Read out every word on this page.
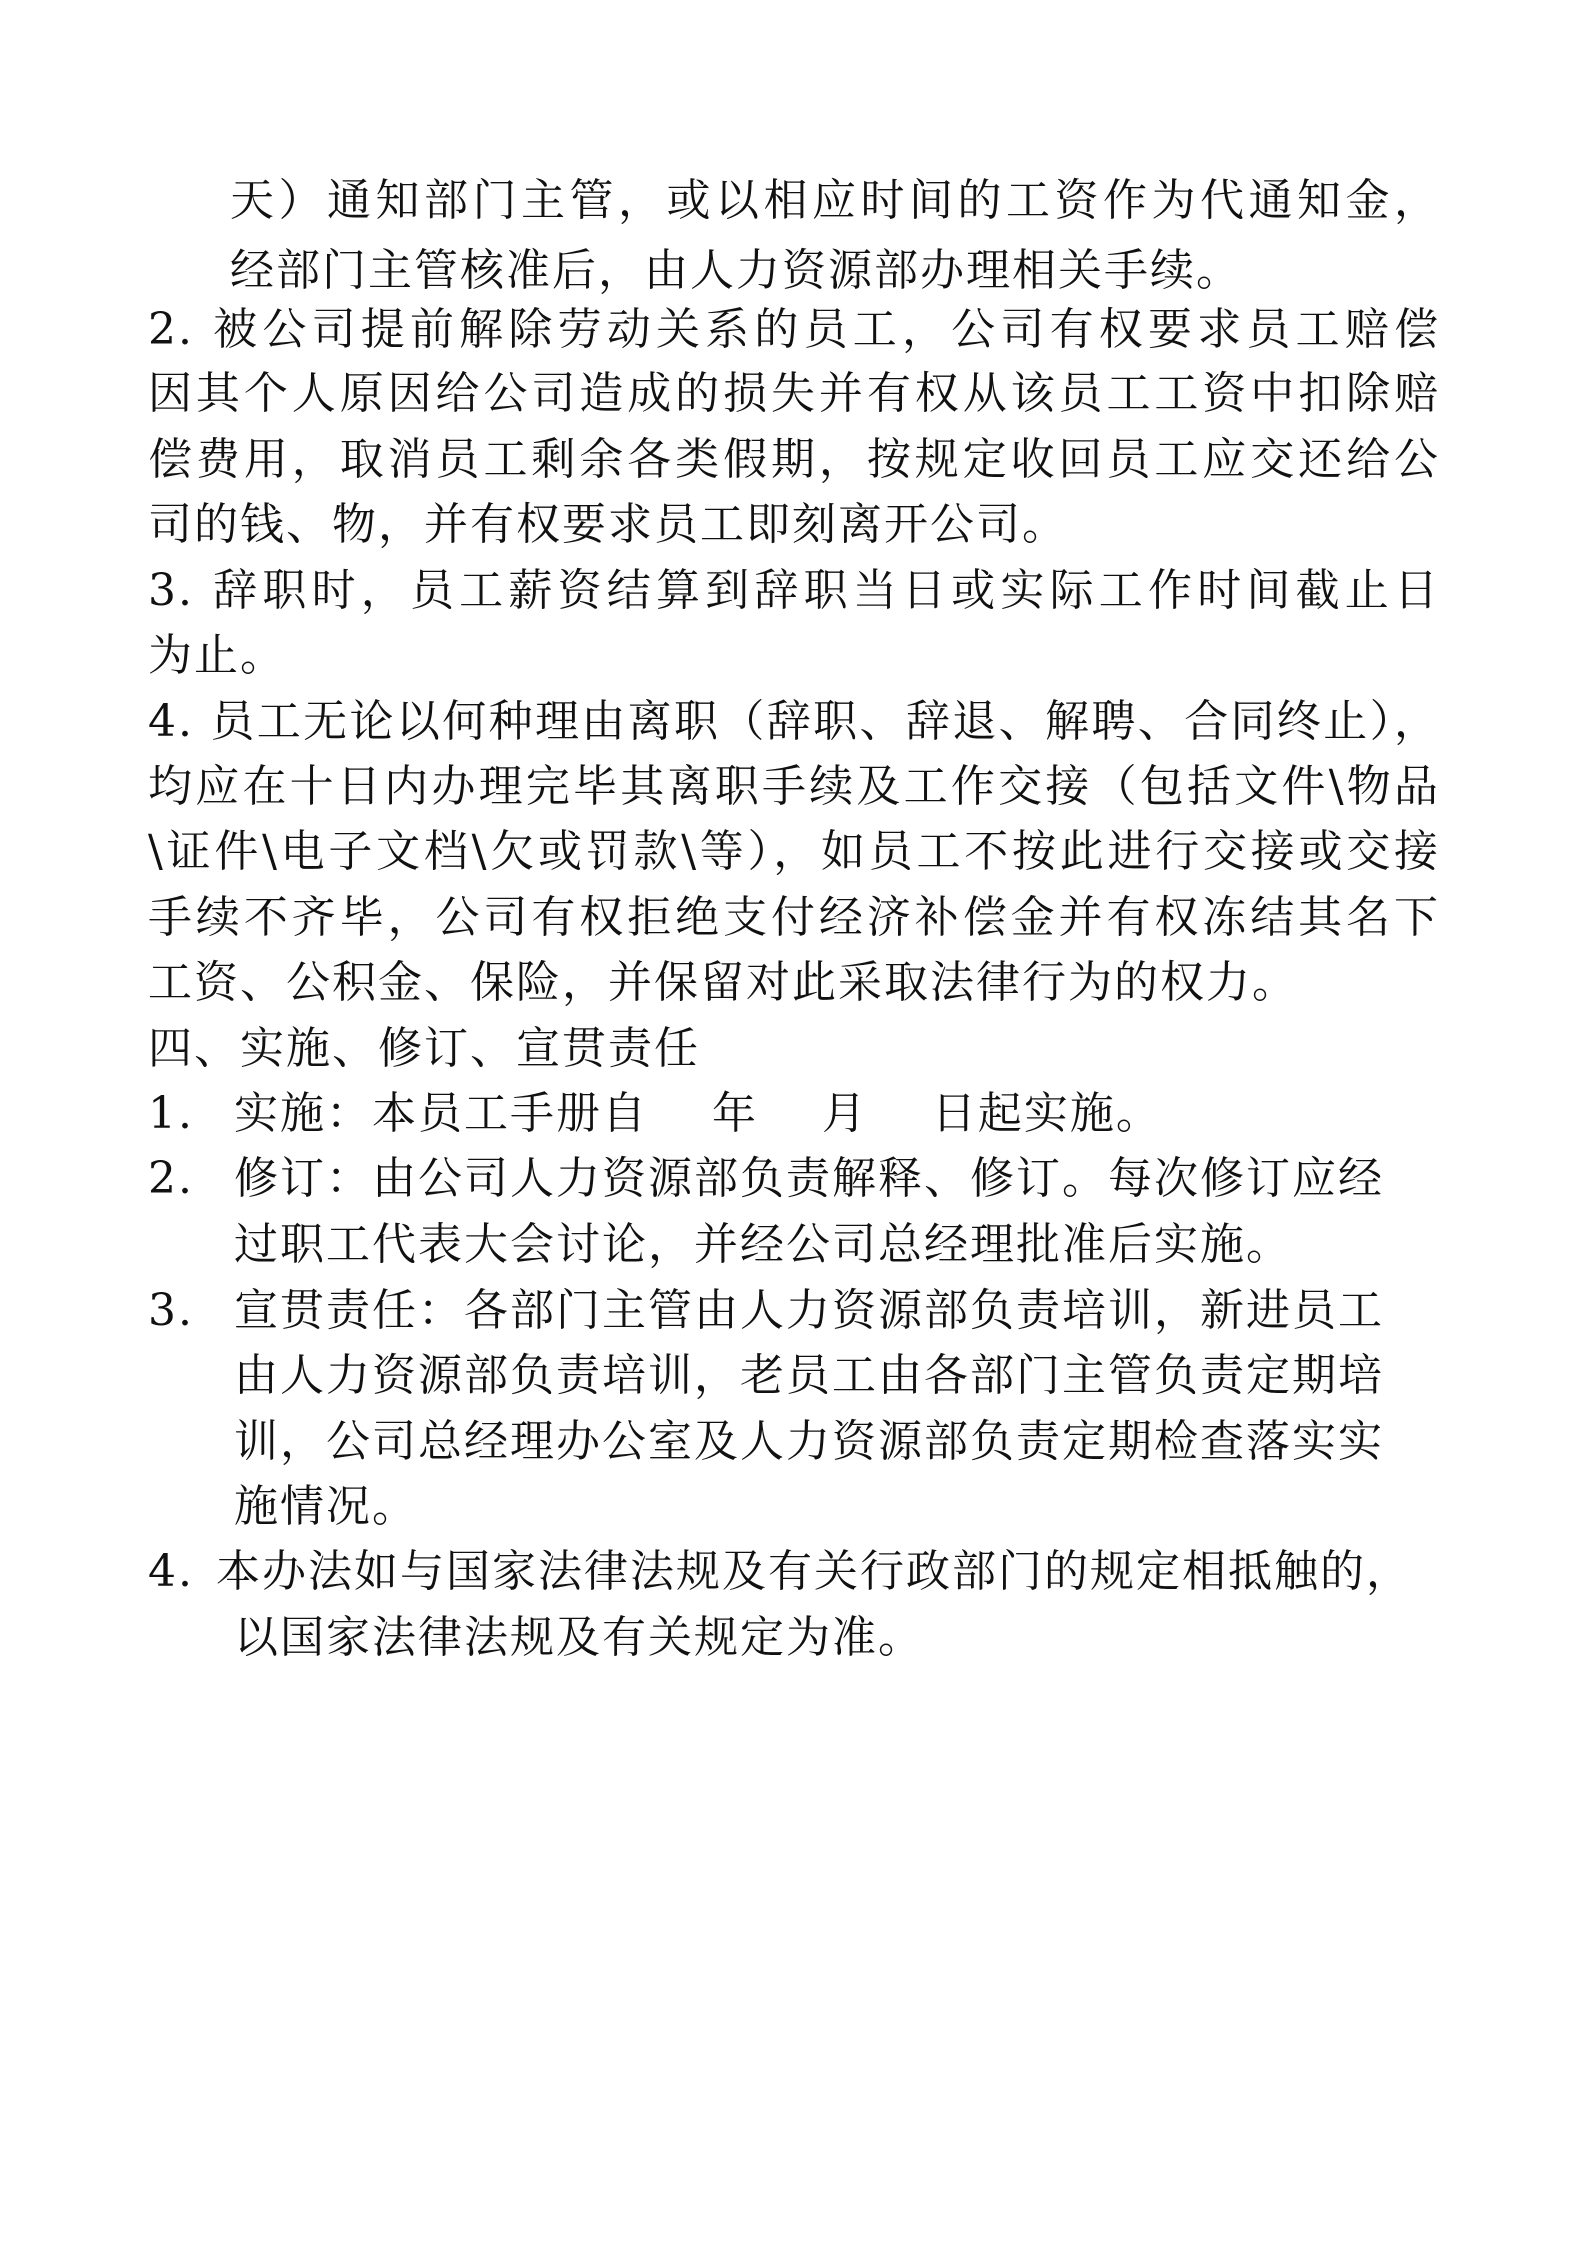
天）通知部门主管，或以相应时间的工资作为代通知金，
经部门主管核准后，由人力资源部办理相关手续。
2. 被公司提前解除劳动关系的员工，公司有权要求员工赔偿
因其个人原因给公司造成的损失并有权从该员工工资中扣除赔
偿费用，取消员工剩余各类假期，按规定收回员工应交还给公
司的钱、物，并有权要求员工即刻离开公司。
3. 辞职时，员工薪资结算到辞职当日或实际工作时间截止日
为止。
4. 员工无论以何种理由离职（辞职、辞退、解聘、合同终止），
均应在十日内办理完毕其离职手续及工作交接（包括文件\物品
\证件\电子文档\欠或罚款\等），如员工不按此进行交接或交接
手续不齐毕，公司有权拒绝支付经济补偿金并有权冻结其名下
工资、公积金、保险，并保留对此采取法律行为的权力。
四、实施、修订、宣贯责任
1. 实施：本员工手册自    年    月    日起实施。
2. 修订：由公司人力资源部负责解释、修订。每次修订应经
过职工代表大会讨论，并经公司总经理批准后实施。
3. 宣贯责任：各部门主管由人力资源部负责培训，新进员工
由人力资源部负责培训，老员工由各部门主管负责定期培
训，公司总经理办公室及人力资源部负责定期检查落实实
施情况。
4. 本办法如与国家法律法规及有关行政部门的规定相抵触的，
以国家法律法规及有关规定为准。
